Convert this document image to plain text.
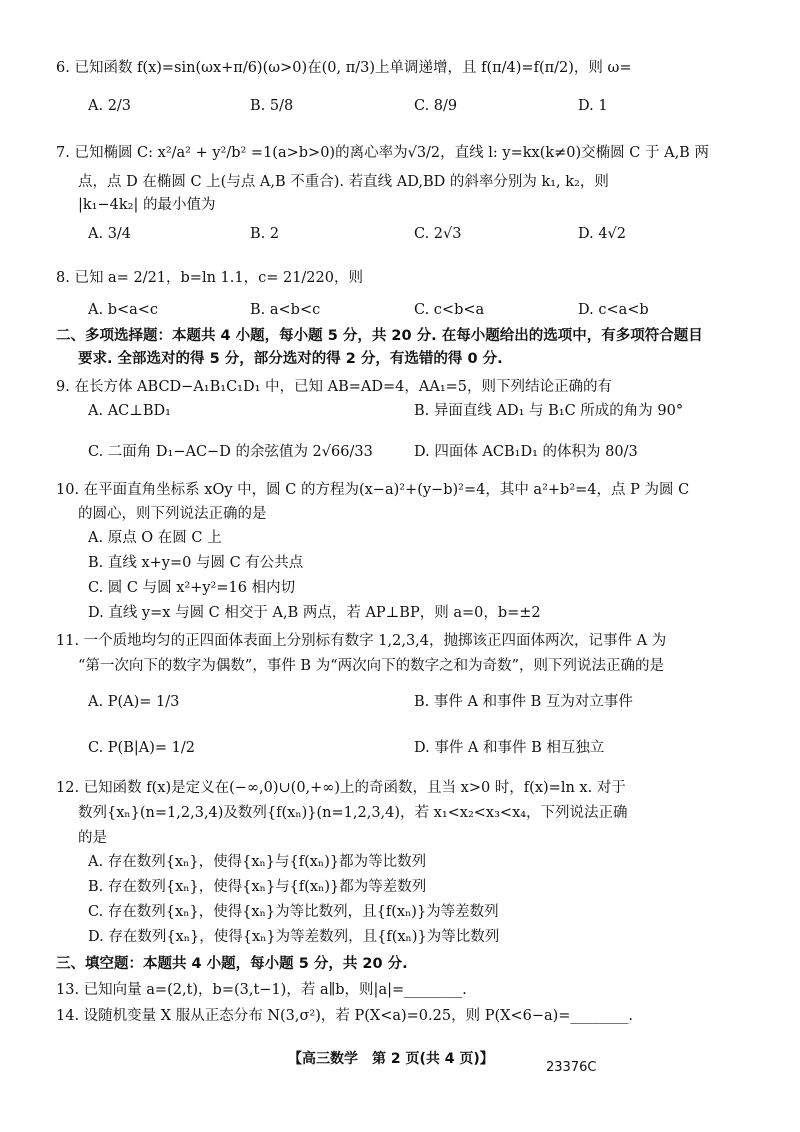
6. 已知函数 f(x)=sin(ωx+π/6)(ω>0)在(0, π/3)上单调递增，且 f(π/4)=f(π/2)，则 ω=
A. 2/3	B. 5/8	C. 8/9	D. 1
7. 已知椭圆 C: x²/a² + y²/b² =1(a>b>0)的离心率为√3/2，直线 l: y=kx(k≠0)交椭圆 C 于 A,B 两
点，点 D 在椭圆 C 上(与点 A,B 不重合). 若直线 AD,BD 的斜率分别为 k₁, k₂，则
|k₁−4k₂| 的最小值为
A. 3/4	B. 2	C. 2√3	D. 4√2
8. 已知 a= 2/21，b=ln 1.1，c= 21/220，则
A. b<a<c	B. a<b<c	C. c<b<a	D. c<a<b
二、多项选择题：本题共 4 小题，每小题 5 分，共 20 分. 在每小题给出的选项中，有多项符合题目
要求. 全部选对的得 5 分，部分选对的得 2 分，有选错的得 0 分.
9. 在长方体 ABCD−A₁B₁C₁D₁ 中，已知 AB=AD=4，AA₁=5，则下列结论正确的有
A. AC⊥BD₁	B. 异面直线 AD₁ 与 B₁C 所成的角为 90°
C. 二面角 D₁−AC−D 的余弦值为 2√66/33	D. 四面体 ACB₁D₁ 的体积为 80/3
10. 在平面直角坐标系 xOy 中，圆 C 的方程为(x−a)²+(y−b)²=4，其中 a²+b²=4，点 P 为圆 C
的圆心，则下列说法正确的是
A. 原点 O 在圆 C 上
B. 直线 x+y=0 与圆 C 有公共点
C. 圆 C 与圆 x²+y²=16 相内切
D. 直线 y=x 与圆 C 相交于 A,B 两点，若 AP⊥BP，则 a=0，b=±2
11. 一个质地均匀的正四面体表面上分别标有数字 1,2,3,4，抛掷该正四面体两次，记事件 A 为
“第一次向下的数字为偶数”，事件 B 为“两次向下的数字之和为奇数”，则下列说法正确的是
A. P(A)= 1/3	B. 事件 A 和事件 B 互为对立事件
C. P(B|A)= 1/2	D. 事件 A 和事件 B 相互独立
12. 已知函数 f(x)是定义在(−∞,0)∪(0,+∞)上的奇函数，且当 x>0 时，f(x)=ln x. 对于
数列{xₙ}(n=1,2,3,4)及数列{f(xₙ)}(n=1,2,3,4)，若 x₁<x₂<x₃<x₄，下列说法正确
的是
A. 存在数列{xₙ}，使得{xₙ}与{f(xₙ)}都为等比数列
B. 存在数列{xₙ}，使得{xₙ}与{f(xₙ)}都为等差数列
C. 存在数列{xₙ}，使得{xₙ}为等比数列，且{f(xₙ)}为等差数列
D. 存在数列{xₙ}，使得{xₙ}为等差数列，且{f(xₙ)}为等比数列
三、填空题：本题共 4 小题，每小题 5 分，共 20 分.
13. 已知向量 a=(2,t)，b=(3,t−1)，若 a∥b，则|a|=________.
14. 设随机变量 X 服从正态分布 N(3,σ²)，若 P(X<a)=0.25，则 P(X<6−a)=________.
【高三数学　第 2 页(共 4 页)】
23376C
